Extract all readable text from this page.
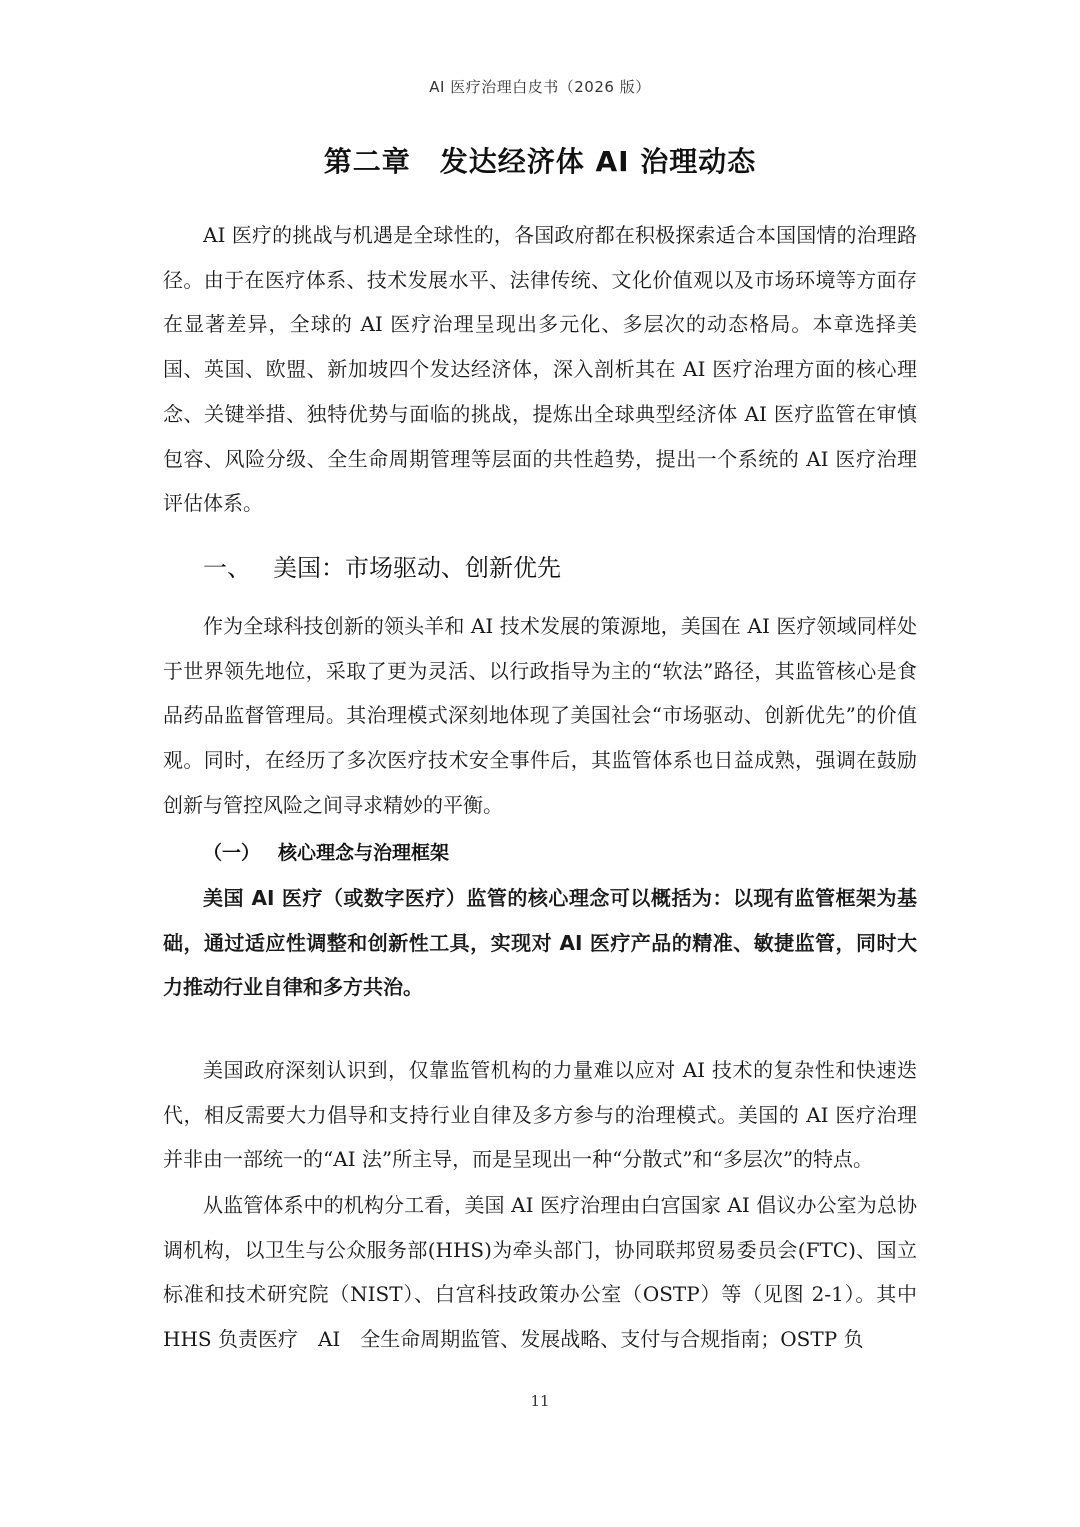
AI 医疗治理白皮书（2026 版）
第二章　发达经济体 AI 治理动态

AI 医疗的挑战与机遇是全球性的，各国政府都在积极探索适合本国国情的治理路径。由于在医疗体系、技术发展水平、法律传统、文化价值观以及市场环境等方面存在显著差异，全球的 AI 医疗治理呈现出多元化、多层次的动态格局。本章选择美国、英国、欧盟、新加坡四个发达经济体，深入剖析其在 AI 医疗治理方面的核心理念、关键举措、独特优势与面临的挑战，提炼出全球典型经济体 AI 医疗监管在审慎包容、风险分级、全生命周期管理等层面的共性趋势，提出一个系统的 AI 医疗治理评估体系。

一、 美国：市场驱动、创新优先

作为全球科技创新的领头羊和 AI 技术发展的策源地，美国在 AI 医疗领域同样处于世界领先地位，采取了更为灵活、以行政指导为主的“软法”路径，其监管核心是食品药品监督管理局。其治理模式深刻地体现了美国社会“市场驱动、创新优先”的价值观。同时，在经历了多次医疗技术安全事件后，其监管体系也日益成熟，强调在鼓励创新与管控风险之间寻求精妙的平衡。

（一） 核心理念与治理框架

美国 AI 医疗（或数字医疗）监管的核心理念可以概括为：以现有监管框架为基础，通过适应性调整和创新性工具，实现对 AI 医疗产品的精准、敏捷监管，同时大力推动行业自律和多方共治。

美国政府深刻认识到，仅靠监管机构的力量难以应对 AI 技术的复杂性和快速迭代，相反需要大力倡导和支持行业自律及多方参与的治理模式。美国的 AI 医疗治理并非由一部统一的“AI 法”所主导，而是呈现出一种“分散式”和“多层次”的特点。

从监管体系中的机构分工看，美国 AI 医疗治理由白宫国家 AI 倡议办公室为总协调机构，以卫生与公众服务部(HHS)为牵头部门，协同联邦贸易委员会(FTC)、国立标准和技术研究院（NIST）、白宫科技政策办公室（OSTP）等（见图 2-1）。其中 HHS 负责医疗　AI　全生命周期监管、发展战略、支付与合规指南；OSTP 负

11
